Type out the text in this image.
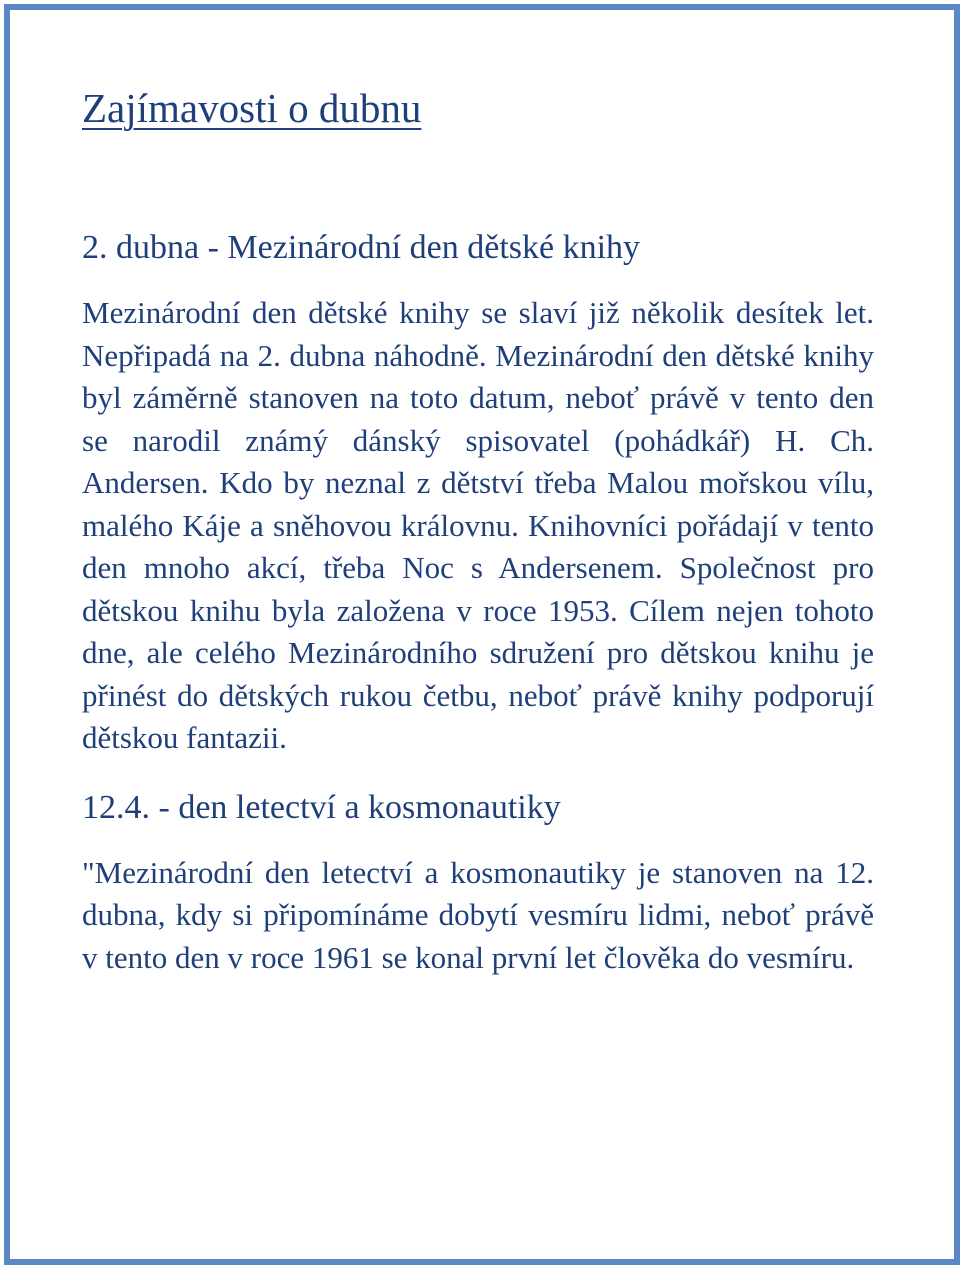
Zajímavosti o dubnu
2. dubna - Mezinárodní den dětské knihy

Mezinárodní den dětské knihy se slaví již několik desítek let. Nepřipadá na 2. dubna náhodně. Mezinárodní den dětské knihy byl záměrně stanoven na toto datum, neboť právě v tento den se narodil známý dánský spisovatel (pohádkář) H. Ch. Andersen. Kdo by neznal z dětství třeba Malou mořskou vílu, malého Káje a sněhovou královnu. Knihovníci pořádají v tento den mnoho akcí, třeba Noc s Andersenem. Společnost pro dětskou knihu byla založena v roce 1953. Cílem nejen tohoto dne, ale celého Mezinárodního sdružení pro dětskou knihu je přinést do dětských rukou četbu, neboť právě knihy podporují dětskou fantazii.

12.4. - den letectví a kosmonautiky

"Mezinárodní den letectví a kosmonautiky je stanoven na 12. dubna, kdy si připomínáme dobytí vesmíru lidmi, neboť právě v tento den v roce 1961 se konal první let člověka do vesmíru.
